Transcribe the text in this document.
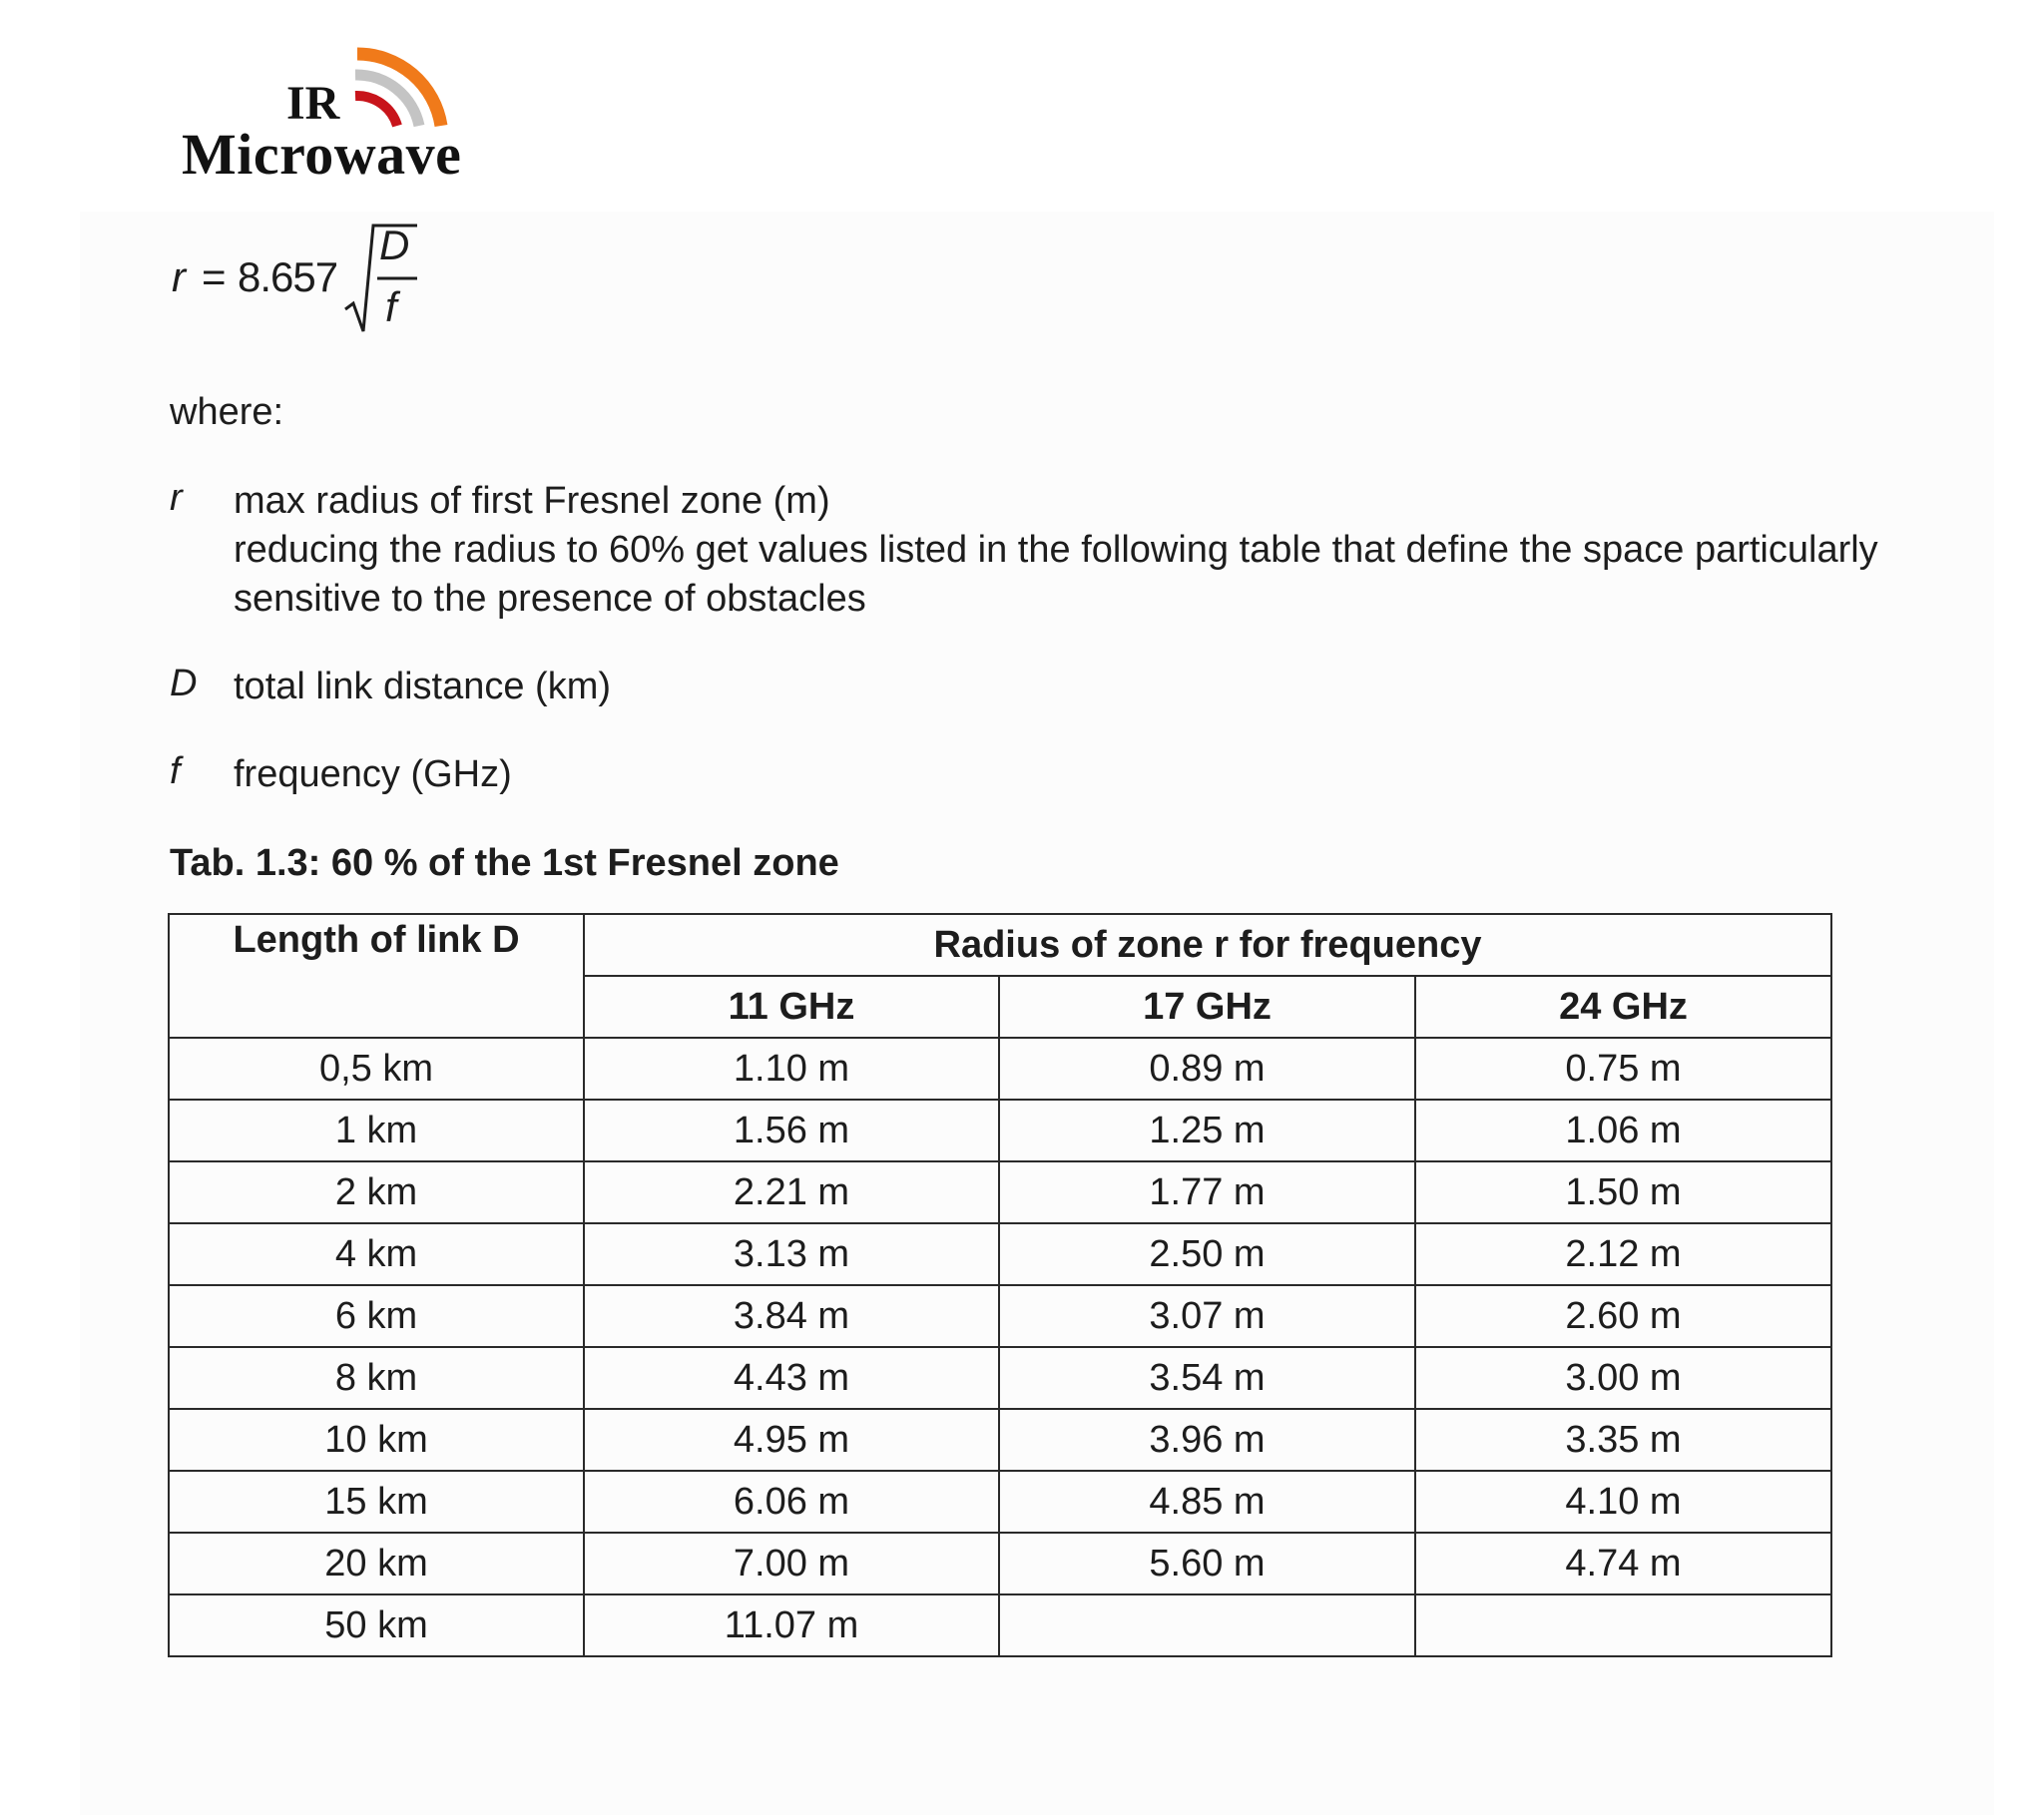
IR
Microwave
r = 8.657
D
f
where:
r max radius of first Fresnel zone (m)
reducing the radius to 60% get values listed in the following table that define the space particularly
sensitive to the presence of obstacles
D total link distance (km)
f frequency (GHz)
Tab. 1.3: 60 % of the 1st Fresnel zone
Length of link D	Radius of zone r for frequency		
	11 GHz	17 GHz	24 GHz
0,5 km	1.10 m	0.89 m	0.75 m
1 km	1.56 m	1.25 m	1.06 m
2 km	2.21 m	1.77 m	1.50 m
4 km	3.13 m	2.50 m	2.12 m
6 km	3.84 m	3.07 m	2.60 m
8 km	4.43 m	3.54 m	3.00 m
10 km	4.95 m	3.96 m	3.35 m
15 km	6.06 m	4.85 m	4.10 m
20 km	7.00 m	5.60 m	4.74 m
50 km	11.07 m		
